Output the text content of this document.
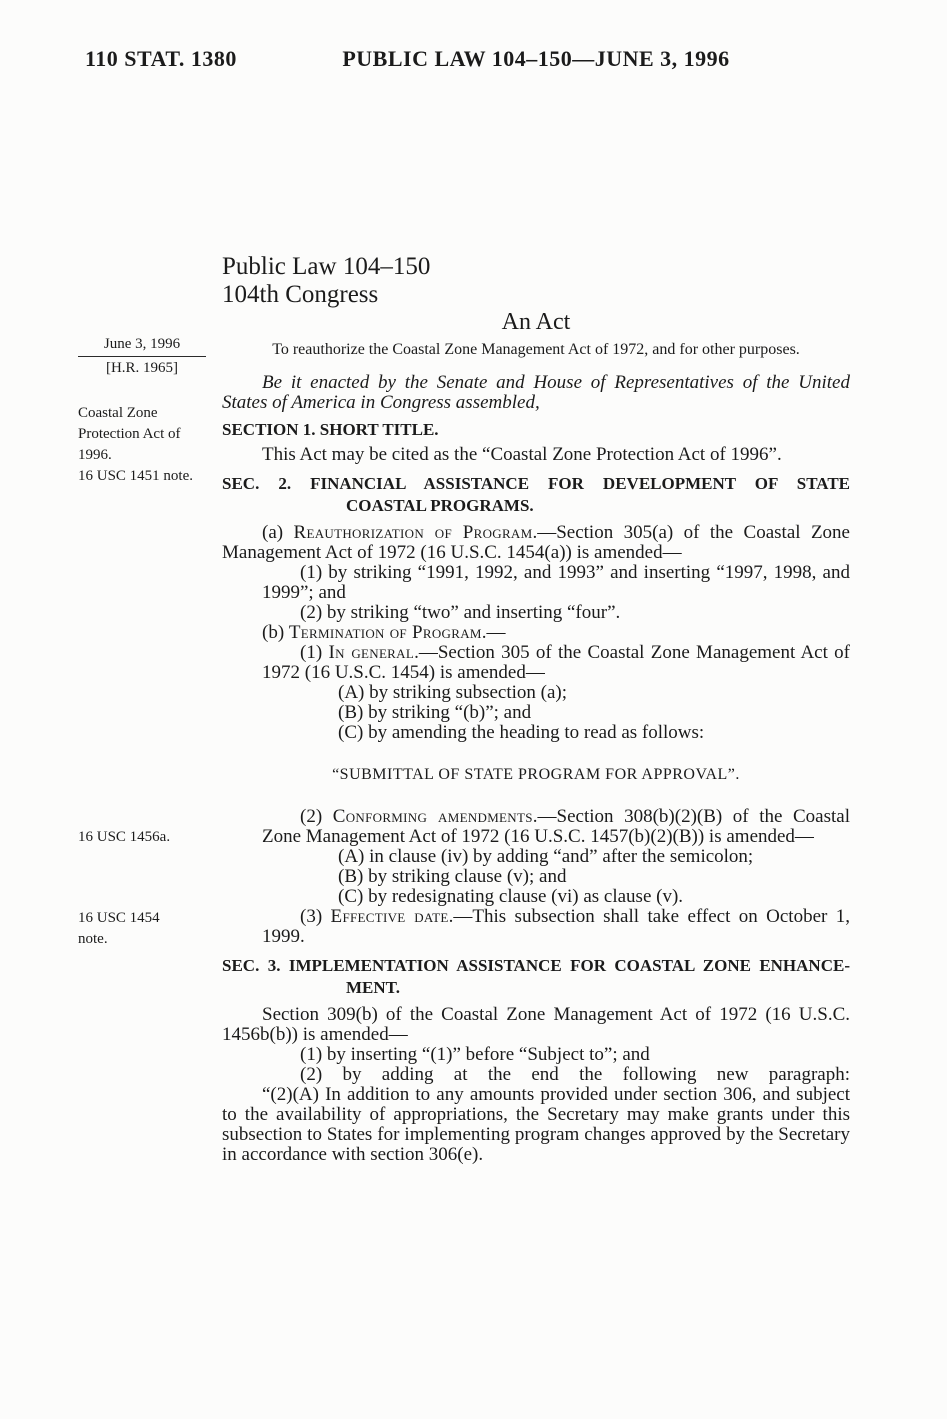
110 STAT. 1380	PUBLIC LAW 104–150—JUNE 3, 1996
Public Law 104–150
104th Congress
An Act
To reauthorize the Coastal Zone Management Act of 1972, and for other purposes.
June 3, 1996
[H.R. 1965]
Be it enacted by the Senate and House of Representatives of the United States of America in Congress assembled,
Coastal Zone Protection Act of 1996.
16 USC 1451 note.
SECTION 1. SHORT TITLE.

This Act may be cited as the “Coastal Zone Protection Act of 1996”.

SEC. 2. FINANCIAL ASSISTANCE FOR DEVELOPMENT OF STATE
COASTAL PROGRAMS.

(a) Reauthorization of Program.—Section 305(a) of the Coastal Zone Management Act of 1972 (16 U.S.C. 1454(a)) is amended—

(1) by striking “1991, 1992, and 1993” and inserting “1997, 1998, and 1999”; and

(2) by striking “two” and inserting “four”.

(b) Termination of Program.—

(1) In general.—Section 305 of the Coastal Zone Management Act of 1972 (16 U.S.C. 1454) is amended—

(A) by striking subsection (a);

(B) by striking “(b)”; and

(C) by amending the heading to read as follows:

“SUBMITTAL OF STATE PROGRAM FOR APPROVAL”.

(2) Conforming amendments.—Section 308(b)(2)(B) of the Coastal Zone Management Act of 1972 (16 U.S.C. 1457(b)(2)(B)) is amended—
16 USC 1456a.

(A) in clause (iv) by adding “and” after the semicolon;

(B) by striking clause (v); and

(C) by redesignating clause (vi) as clause (v).

(3) Effective date.—This subsection shall take effect on October 1, 1999.
16 USC 1454 note.

SEC. 3. IMPLEMENTATION ASSISTANCE FOR COASTAL ZONE ENHANCE-
MENT.

Section 309(b) of the Coastal Zone Management Act of 1972 (16 U.S.C. 1456b(b)) is amended—

(1) by inserting “(1)” before “Subject to”; and

(2) by adding at the end the following new paragraph:

“(2)(A) In addition to any amounts provided under section 306, and subject to the availability of appropriations, the Secretary may make grants under this subsection to States for implementing program changes approved by the Secretary in accordance with section 306(e).
